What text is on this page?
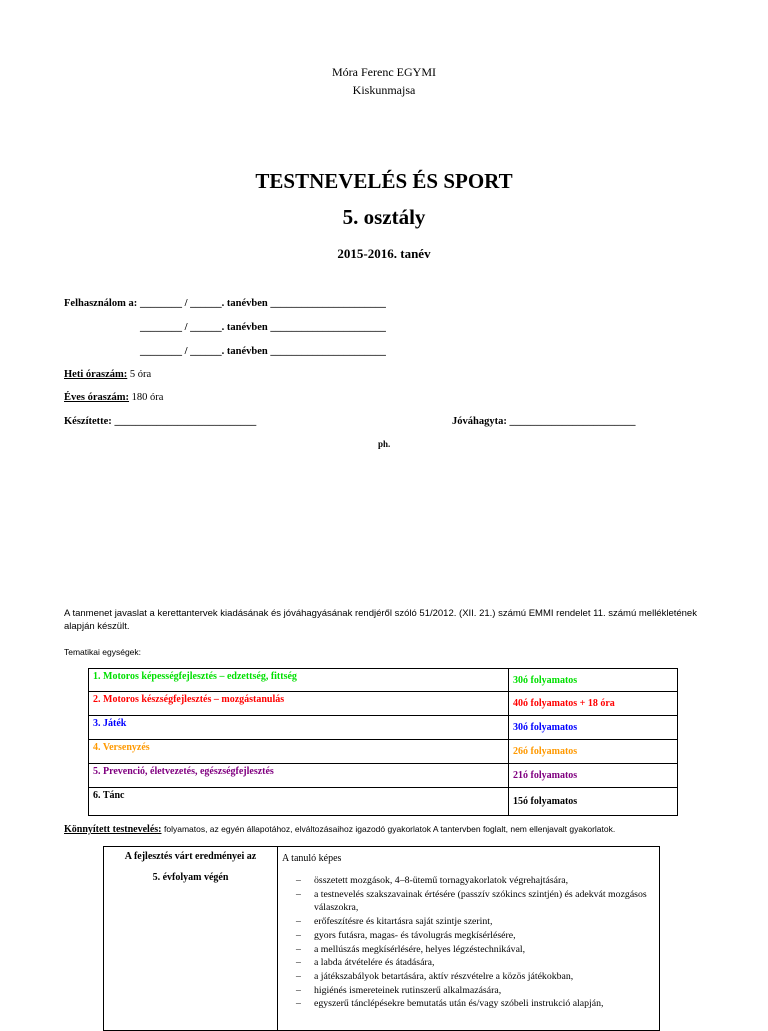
Móra Ferenc EGYMI
Kiskunmajsa
TESTNEVELÉS ÉS SPORT
5. osztály
2015-2016. tanév
Felhasználom a: ________ / ______. tanévben ______________________
________ / ______. tanévben ______________________
________ / ______. tanévben ______________________
Heti óraszám: 5 óra
Éves óraszám: 180 óra
Készítette: ___________________________	Jóváhagyta: ________________________
ph.
A tanmenet javaslat a kerettantervek kiadásának és jóváhagyásának rendjéről szóló 51/2012. (XII. 21.) számú EMMI rendelet 11. számú mellékletének alapján készült.
Tematikai egységek:
1. Motoros képességfejlesztés – edzettség, fittség	30ó folyamatos
2. Motoros készségfejlesztés – mozgástanulás	40ó folyamatos + 18 óra
3. Játék	30ó folyamatos
4. Versenyzés	26ó folyamatos
5. Prevenció, életvezetés, egészségfejlesztés	21ó folyamatos
6. Tánc	15ó folyamatos
Könnyített testnevelés: folyamatos, az egyén állapotához, elváltozásaihoz igazodó gyakorlatok A tantervben foglalt, nem ellenjavalt gyakorlatok.
A fejlesztés várt eredményei az
5. évfolyam végén

A tanuló képes
– összetett mozgások, 4–8-ütemű tornagyakorlatok végrehajtására,
– a testnevelés szakszavainak értésére (passzív szókincs szintjén) és adekvát mozgásos válaszokra,
– erőfeszítésre és kitartásra saját szintje szerint,
– gyors futásra, magas- és távolugrás megkísérlésére,
– a mellúszás megkísérlésére, helyes légzéstechnikával,
– a labda átvételére és átadására,
– a játékszabályok betartására, aktív részvételre a közös játékokban,
– higiénés ismereteinek rutinszerű alkalmazására,
– egyszerű tánclépésekre bemutatás után és/vagy szóbeli instrukció alapján,
